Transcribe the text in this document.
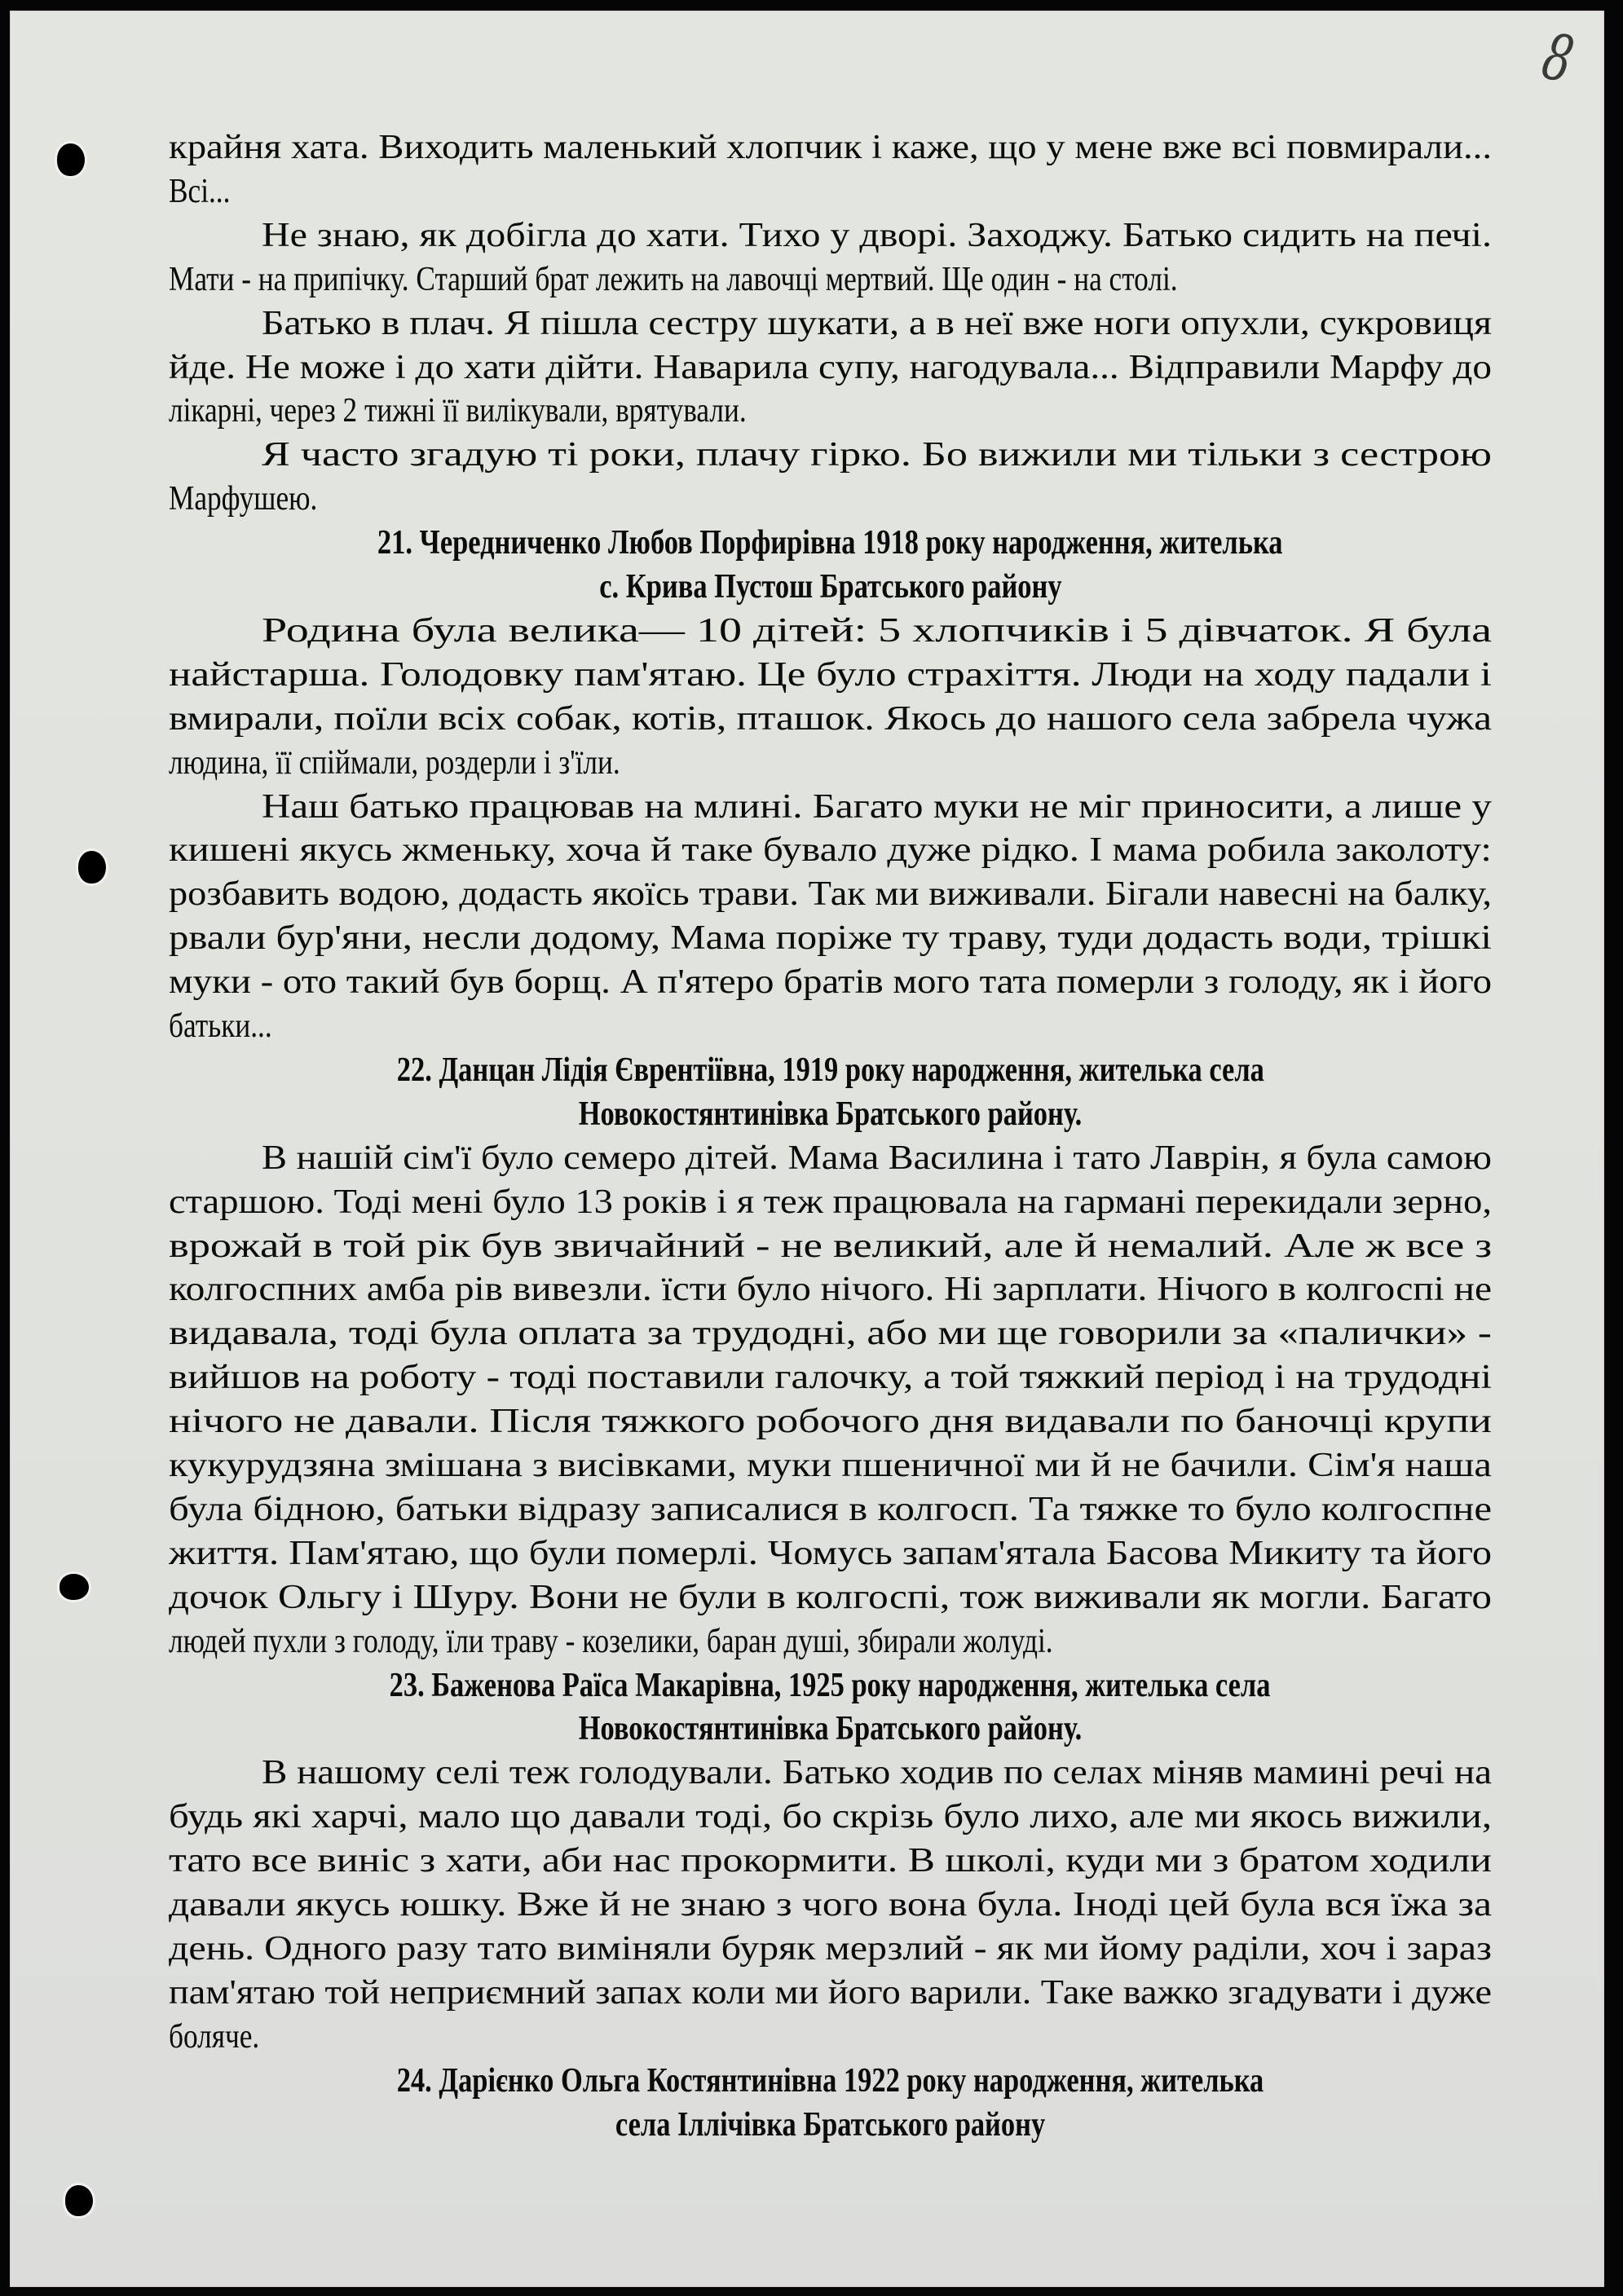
8
крайня хата. Виходить маленький хлопчик і каже, що у мене вже всі повмирали...
Всі...
Не знаю, як добігла до хати. Тихо у дворі. Заходжу. Батько сидить на печі.
Мати - на припічку. Старший брат лежить на лавочці мертвий. Ще один - на столі.
Батько в плач. Я пішла сестру шукати, а в неї вже ноги опухли, сукровиця
йде. Не може і до хати дійти. Наварила супу, нагодувала... Відправили Марфу до
лікарні, через 2 тижні її вилікували, врятували.
Я часто згадую ті роки, плачу гірко. Бо вижили ми тільки з сестрою
Марфушею.
21. Чередниченко Любов Порфирівна 1918 року народження, жителька
с. Крива Пустош Братського району
Родина була велика— 10 дітей: 5 хлопчиків і 5 дівчаток. Я була
найстарша. Голодовку пам'ятаю. Це було страхіття. Люди на ходу падали і
вмирали, поїли всіх собак, котів, пташок. Якось до нашого села забрела чужа
людина, її спіймали, роздерли і з'їли.
Наш батько працював на млині. Багато муки не міг приносити, а лише у
кишені якусь жменьку, хоча й таке бувало дуже рідко. І мама робила заколоту:
розбавить водою, додасть якоїсь трави. Так ми виживали. Бігали навесні на балку,
рвали бур'яни, несли додому, Мама поріже ту траву, туди додасть води, трішкі
муки - ото такий був борщ. А п'ятеро братів мого тата померли з голоду, як і його
батьки...
22. Данцан Лідія Єврентіївна, 1919 року народження, жителька села
Новокостянтинівка Братського району.
В нашій сім'ї було семеро дітей. Мама Василина і тато Лаврін, я була самою
старшою. Тоді мені було 13 років і я теж працювала на гармані перекидали зерно,
врожай в той рік був звичайний - не великий, але й немалий. Але ж все з
колгоспних амба рів вивезли. їсти було нічого. Ні зарплати. Нічого в колгоспі не
видавала, тоді була оплата за трудодні, або ми ще говорили за «палички» -
вийшов на роботу - тоді поставили галочку, а той тяжкий період і на трудодні
нічого не давали. Після тяжкого робочого дня видавали по баночці крупи
кукурудзяна змішана з висівками, муки пшеничної ми й не бачили. Сім'я наша
була бідною, батьки відразу записалися в колгосп. Та тяжке то було колгоспне
життя. Пам'ятаю, що були померлі. Чомусь запам'ятала Басова Микиту та його
дочок Ольгу і Шуру. Вони не були в колгоспі, тож виживали як могли. Багато
людей пухли з голоду, їли траву - козелики, баран душі, збирали жолуді.
23. Баженова Раїса Макарівна, 1925 року народження, жителька села
Новокостянтинівка Братського району.
В нашому селі теж голодували. Батько ходив по селах міняв мамині речі на
будь які харчі, мало що давали тоді, бо скрізь було лихо, але ми якось вижили,
тато все виніс з хати, аби нас прокормити. В школі, куди ми з братом ходили
давали якусь юшку. Вже й не знаю з чого вона була. Іноді цей була вся їжа за
день. Одного разу тато виміняли буряк мерзлий - як ми йому раділи, хоч і зараз
пам'ятаю той неприємний запах коли ми його варили. Таке важко згадувати і дуже
боляче.
24. Дарієнко Ольга Костянтинівна 1922 року народження, жителька
села Іллічівка Братського району
